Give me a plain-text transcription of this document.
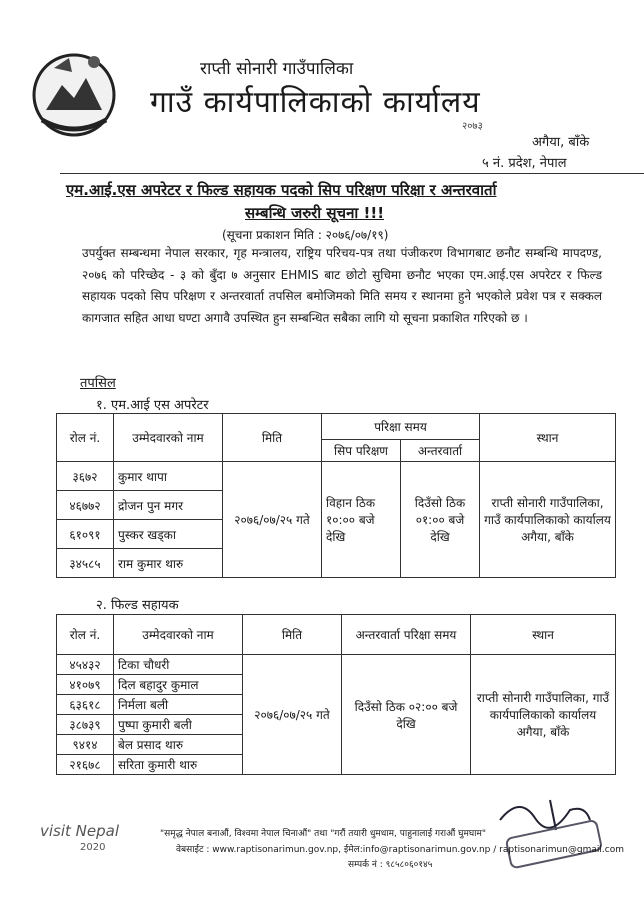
राप्ती सोनारी गाउँपालिका
गाउँ कार्यपालिकाको कार्यालय
२०७३
अगैया, बाँके
५ नं. प्रदेश, नेपाल
एम.आई.एस अपरेटर र फिल्ड सहायक पदको सिप परिक्षण परिक्षा र अन्तरवार्ता
सम्बन्धि जरुरी सूचना !!!
(सूचना प्रकाशन मिति : २०७६/०७/१९)
उपर्युक्त सम्बन्धमा नेपाल सरकार, गृह मन्त्रालय, राष्ट्रिय परिचय-पत्र तथा पंजीकरण विभागबाट छनौट सम्बन्धि मापदण्ड, २०७६ को परिच्छेद - ३ को बुँदा ७ अनुसार EHMIS बाट छोटो सुचिमा छनौट भएका एम.आई.एस अपरेटर र फिल्ड सहायक पदको सिप परिक्षण र अन्तरवार्ता तपसिल बमोजिमको मिति समय र स्थानमा हुने भएकोले प्रवेश पत्र र सक्कल कागजात सहित आधा घण्टा अगावै उपस्थित हुन सम्बन्धित सबैका लागि यो सूचना प्रकाशित गरिएको छ ।
तपसिल
१. एम.आई एस अपरेटर
रोल नं.	उम्मेदवारको नाम	मिति	परिक्षा समय		स्थान
			सिप परिक्षण	अन्तरवार्ता	
३६७२	कुमार थापा	२०७६/०७/२५ गते	विहान ठिक १०:०० बजे देखि	दिउँसो ठिक ०१:०० बजे देखि	राप्ती सोनारी गाउँपालिका, गाउँ कार्यपालिकाको कार्यालय अगैया, बाँके
४६७७२	द्रोजन पुन मगर				
६१०९१	पुस्कर खड्का				
३४५८५	राम कुमार थारु				
२. फिल्ड सहायक
रोल नं.	उम्मेदवारको नाम	मिति	अन्तरवार्ता परिक्षा समय	स्थान
४५४३२	टिका चौधरी	२०७६/०७/२५ गते	दिउँसो ठिक ०२:०० बजे देखि	राप्ती सोनारी गाउँपालिका, गाउँ कार्यपालिकाको कार्यालय अगैया, बाँके
४१०७९	दिल बहादुर कुमाल			
६३६१८	निर्मला बली			
३८७३९	पुष्पा कुमारी बली			
९४१४	बेल प्रसाद थारु			
२१६७८	सरिता कुमारी थारु			
visit Nepal
2020
"समृद्ध नेपाल बनाऔं, विश्वमा नेपाल चिनाऔं" तथा "गरौं तयारी धुमधाम, पाहुनालाई गराऔं घुमघाम"
वेबसाईट : www.raptisonarimun.gov.np, ईमेल:info@raptisonarimun.gov.np / raptisonarimun@gmail.com
सम्पर्क नं : ९८५८०६०१४५
